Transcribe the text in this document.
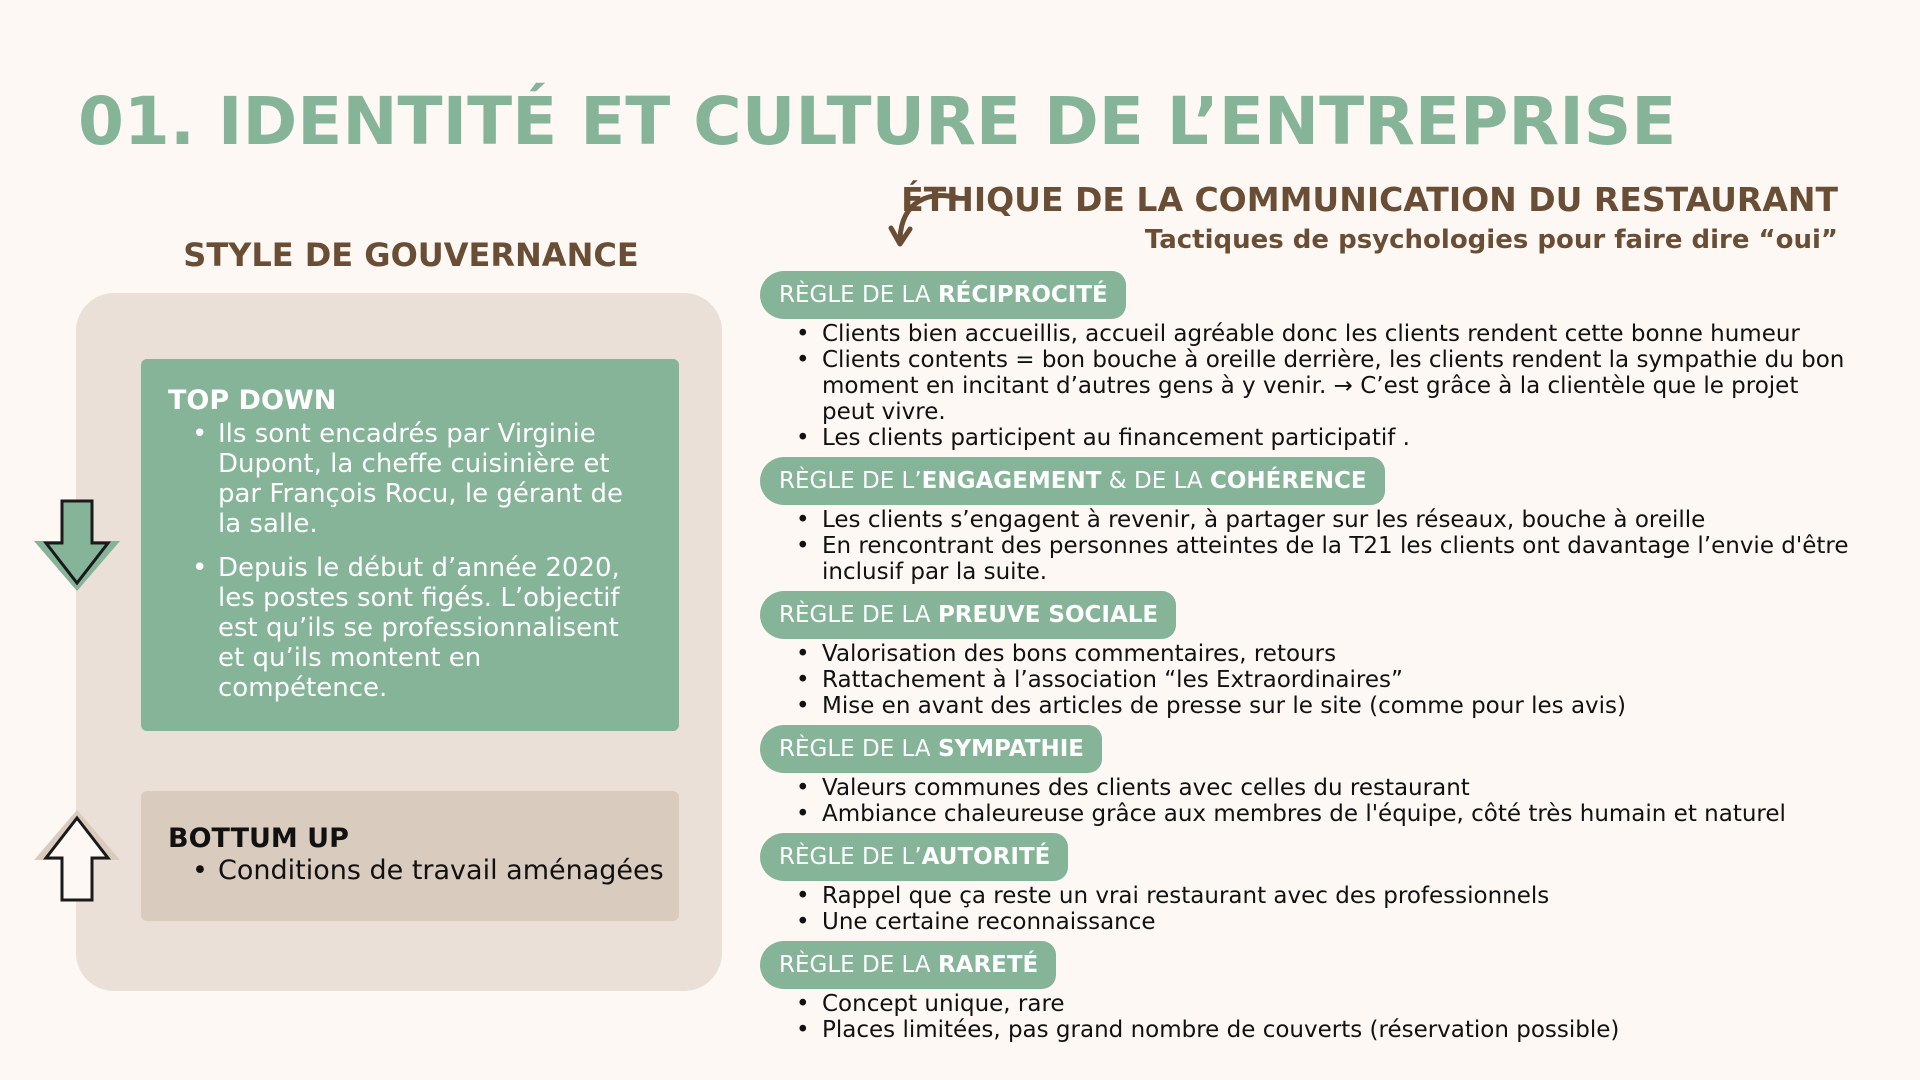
01. IDENTITÉ ET CULTURE DE L’ENTREPRISE
ÉTHIQUE DE LA COMMUNICATION DU RESTAURANT
Tactiques de psychologies pour faire dire “oui”
STYLE DE GOUVERNANCE
TOP DOWN
• Ils sont encadrés par Virginie Dupont, la cheffe cuisinière et par François Rocu, le gérant de la salle.
• Depuis le début d’année 2020, les postes sont figés. L’objectif est qu’ils se professionnalisent et qu’ils montent en compétence.
BOTTUM UP
• Conditions de travail aménagées
RÈGLE DE LA RÉCIPROCITÉ
• Clients bien accueillis, accueil agréable donc les clients rendent cette bonne humeur
• Clients contents = bon bouche à oreille derrière, les clients rendent la sympathie du bon moment en incitant d’autres gens à y venir. → C’est grâce à la clientèle que le projet peut vivre.
• Les clients participent au financement participatif .
RÈGLE DE L’ENGAGEMENT & DE LA COHÉRENCE
• Les clients s’engagent à revenir, à partager sur les réseaux, bouche à oreille
• En rencontrant des personnes atteintes de la T21 les clients ont davantage l’envie d'être inclusif par la suite.
RÈGLE DE LA PREUVE SOCIALE
• Valorisation des bons commentaires, retours
• Rattachement à l’association “les Extraordinaires”
• Mise en avant des articles de presse sur le site (comme pour les avis)
RÈGLE DE LA SYMPATHIE
• Valeurs communes des clients avec celles du restaurant
• Ambiance chaleureuse grâce aux membres de l'équipe, côté très humain et naturel
RÈGLE DE L’AUTORITÉ
• Rappel que ça reste un vrai restaurant avec des professionnels
• Une certaine reconnaissance
RÈGLE DE LA RARETÉ
• Concept unique, rare
• Places limitées, pas grand nombre de couverts (réservation possible)
